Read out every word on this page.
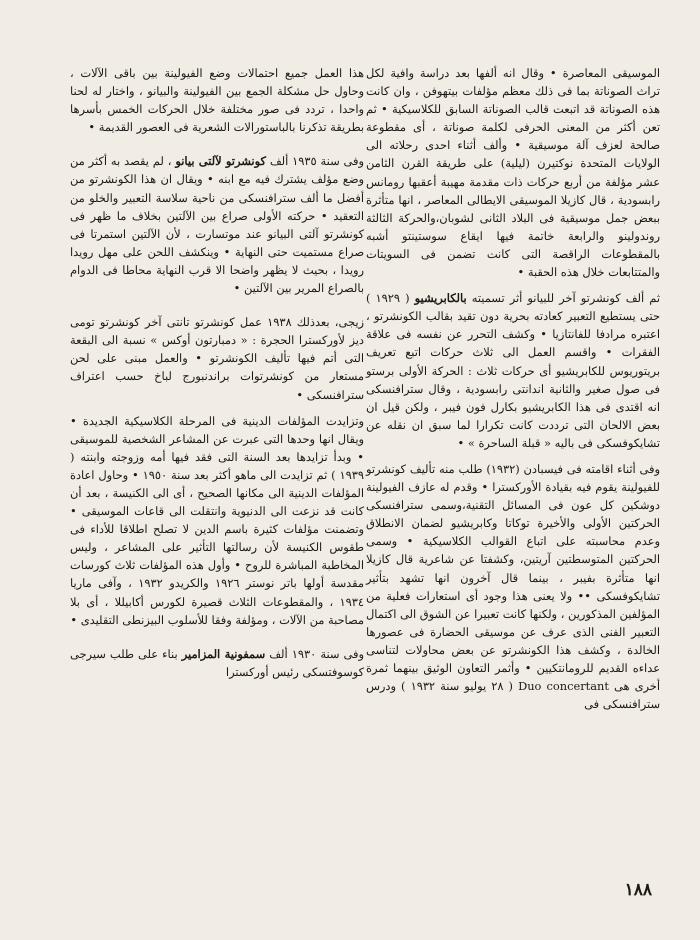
الموسيقى المعاصرة • وقال انه ألفها بعد دراسة وافية لكل تراث الصوناتة بما فى ذلك معظم مؤلفات بيتهوفن ، وان كانت هذه الصوناتة قد اتبعت قالب الصوناتة السابق للكلاسيكية • ثم تعن أكثر من المعنى الحرفى لكلمة صوناتة ، أى مقطوعة صالحة لعزف آلة موسيقية • وألف أثناء احدى رحلاته الى الولايات المتحدة نوكتيرن (ليلية) على طريقة القرن الثامن عشر مؤلفة من أربع حركات ذات مقدمة مهيبة أعقبها رومانس رابسودية ، قال كازيلا الموسيقى الايطالى المعاصر ، انها متأثرة ببعض جمل موسيقية فى البلاد الثانى لشوبان،والحركة الثالثة روندولينو والرابعة خاتمة فيها ايقاع سوستينتو أشبه بالمقطوعات الراقصة التى كانت تضمن فى السويتات والمتتابعات خلال هذه الحقبة •

ثم ألف كونشرتو آخر للبيانو أثر تسميته بالكابريشيو ( ١٩٢٩ ) حتى يستطيع التعبير كعادته بحرية دون تقيد بقالب الكونشرتو ، اعتبره مرادفا للفانتازيا • وكشف التحرر عن نفسه فى علاقة الفقرات • واقسم العمل الى ثلاث حركات اتبع تعريف بريتوريوس للكابريشيو أى حركات ثلاث : الحركة الأولى برستو فى صول صغير والثانية اندانتى رابسودية ، وقال سترافنسكى انه اقتدى فى هذا الكابريشيو بكارل فون فيبر ، ولكن قيل ان بعض الالحان التى ترددت كانت تكرارا لما سبق ان نقله عن تشايكوفسكى فى باليه « قبلة الساحرة » •

وفى أثناء اقامته فى فيسبادن (١٩٣٢) طلب منه تأليف كونشرتو للفيولينة يقوم فيه بقيادة الأوركسترا • وقدم له عازف الفيولينة دوشكين كل عون فى المسائل التقنية،وسمى سترافنسكى الحركتين الأولى والأخيرة توكاتا وكابريشيو لضمان الانطلاق وعدم محاسبته على اتباع القوالب الكلاسيكية • وسمى الحركتين المتوسطتين آريتين، وكشفتا عن شاعرية قال كازيلا انها متأثرة بفيبر ، بينما قال آخرون انها تشهد بتأثير تشايكوفسكى •• ولا يعنى هذا وجود أى استعارات فعلية من المؤلفين المذكورين ، ولكنها كانت تعبيرا عن الشوق الى اكتمال التعبير الفنى الذى عرف عن موسيقى الحضارة فى عصورها الخالدة ، وكشف هذا الكونشرتو عن بعض محاولات لتناسى عداءه القديم للرومانتكيين • وأثمر التعاون الوثيق بينهما ثمرة أخرى هى Duo concertant ( ٢٨ يوليو سنة ١٩٣٢ ) ودرس سترافنسكى فى

هذا العمل جميع احتمالات وضع الفيولينة بين باقى الآلات ، وحاول حل مشكلة الجمع بين الفيولينة والبيانو ، واختار له لحنا واحدا ، تردد فى صور مختلفة خلال الحركات الخمس بأسرها بطريقة تذكرنا بالباستورالات الشعرية فى العصور القديمة •

وفى سنة ١٩٣٥ ألف كونشرتو لآلتى بيانو ، لم يقصد به أكثر من وضع مؤلف يشترك فيه مع ابنه • ويقال ان هذا الكونشرتو من أفضل ما ألف سترافنسكى من ناحية سلاسة التعبير والخلو من التعقيد • حركته الأولى صراع بين الآلتين بخلاف ما ظهر فى كونشرتو آلتى البيانو عند موتسارت ، لأن الآلتين استمرتا فى صراع مستميت حتى النهاية • وينكشف اللحن على مهل رويدا رويدا ، بحيث لا يظهر واضحا الا قرب النهاية محاطا فى الدوام بالصراع المرير بين الآلتين •

زيجى، بعدذلك ١٩٣٨ عمل كونشرتو تانتى آخر كونشرتو تومى ديز لأوركسترا الحجرة : « دمبارتون أوكس » نسبة الى البقعة التى أتم فيها تأليف الكونشرتو • والعمل مبنى على لحن مستعار من كونشرتوات براندنبورج لباخ حسب اعتراف سترافنسكى •

وتزايدت المؤلفات الدينية فى المرحلة الكلاسيكية الجديدة • ويقال انها وحدها التى عبرت عن المشاعر الشخصية للموسيقى • وبدأ تزايدها بعد السنة التى فقد فيها أمه وزوجته وابنته ( ١٩٣٩ ) ثم تزايدت الى ماهو أكثر بعد سنة ١٩٥٠ • وحاول اعادة المؤلفات الدينية الى مكانها الصحيح ، أى الى الكنيسة ، بعد أن كانت قد نزعت الى الدنيوية وانتقلت الى قاعات الموسيقى • وتضمنت مؤلفات كثيرة باسم الدين لا تصلح اطلاقا للأداء فى طقوس الكنيسة لأن رسالتها التأثير على المشاعر ، وليس المخاطبة المباشرة للروح • وأول هذه المؤلفات ثلاث كورسات مقدسة أولها باتر نوستر ١٩٢٦ والكريدو ١٩٣٢ ، وآفى ماريا ١٩٣٤ ، والمقطوعات الثلاث قصيرة لكورس أكابيللا ، أى بلا مصاحبة من الآلات ، ومؤلفة وفقا للأسلوب البيزنطى التقليدى •

وفى سنة ١٩٣٠ ألف سمفونية المزامير بناء على طلب سيرجى كوسوفتسكى رئيس أوركسترا

١٨٨
